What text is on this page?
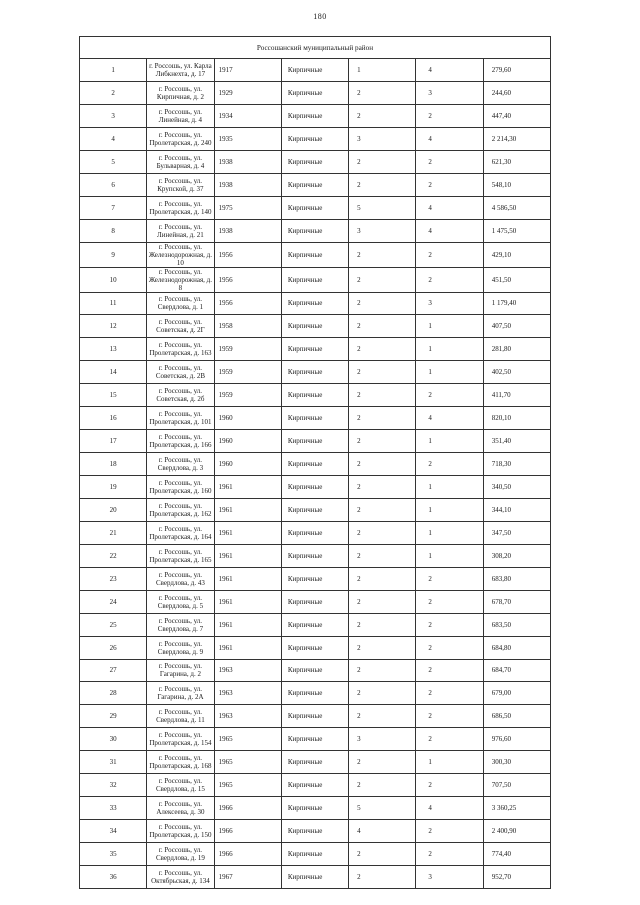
180
Россошанский муниципальный район						
1	г. Россошь, ул. Карла Либкнехта, д. 17	1917	Кирпичные	1	4	279,60
2	г. Россошь, ул. Кирпичная, д. 2	1929	Кирпичные	2	3	244,60
3	г. Россошь, ул. Линейная, д. 4	1934	Кирпичные	2	2	447,40
4	г. Россошь, ул. Пролетарская, д. 240	1935	Кирпичные	3	4	2 214,30
5	г. Россошь, ул. Бульварная, д. 4	1938	Кирпичные	2	2	621,30
6	г. Россошь, ул. Крупской, д. 37	1938	Кирпичные	2	2	548,10
7	г. Россошь, ул. Пролетарская, д. 140	1975	Кирпичные	5	4	4 586,50
8	г. Россошь, ул. Линейная, д. 21	1938	Кирпичные	3	4	1 475,50
9	г. Россошь, ул. Железнодорожная, д. 10	1956	Кирпичные	2	2	429,10
10	г. Россошь, ул. Железнодорожная, д. 8	1956	Кирпичные	2	2	451,50
11	г. Россошь, ул. Свердлова, д. 1	1956	Кирпичные	2	3	1 179,40
12	г. Россошь, ул. Советская, д. 2Г	1958	Кирпичные	2	1	407,50
13	г. Россошь, ул. Пролетарская, д. 163	1959	Кирпичные	2	1	281,80
14	г. Россошь, ул. Советская, д. 2В	1959	Кирпичные	2	1	402,50
15	г. Россошь, ул. Советская, д. 2б	1959	Кирпичные	2	2	411,70
16	г. Россошь, ул. Пролетарская, д. 101	1960	Кирпичные	2	4	820,10
17	г. Россошь, ул. Пролетарская, д. 166	1960	Кирпичные	2	1	351,40
18	г. Россошь, ул. Свердлова, д. 3	1960	Кирпичные	2	2	718,30
19	г. Россошь, ул. Пролетарская, д. 160	1961	Кирпичные	2	1	340,50
20	г. Россошь, ул. Пролетарская, д. 162	1961	Кирпичные	2	1	344,10
21	г. Россошь, ул. Пролетарская, д. 164	1961	Кирпичные	2	1	347,50
22	г. Россошь, ул. Пролетарская, д. 165	1961	Кирпичные	2	1	308,20
23	г. Россошь, ул. Свердлова, д. 43	1961	Кирпичные	2	2	683,80
24	г. Россошь, ул. Свердлова, д. 5	1961	Кирпичные	2	2	678,70
25	г. Россошь, ул. Свердлова, д. 7	1961	Кирпичные	2	2	683,50
26	г. Россошь, ул. Свердлова, д. 9	1961	Кирпичные	2	2	684,80
27	г. Россошь, ул. Гагарина, д. 2	1963	Кирпичные	2	2	684,70
28	г. Россошь, ул. Гагарина, д. 2А	1963	Кирпичные	2	2	679,00
29	г. Россошь, ул. Свердлова, д. 11	1963	Кирпичные	2	2	686,50
30	г. Россошь, ул. Пролетарская, д. 154	1965	Кирпичные	3	2	976,60
31	г. Россошь, ул. Пролетарская, д. 168	1965	Кирпичные	2	1	300,30
32	г. Россошь, ул. Свердлова, д. 15	1965	Кирпичные	2	2	707,50
33	г. Россошь, ул. Алексеева, д. 30	1966	Кирпичные	5	4	3 360,25
34	г. Россошь, ул. Пролетарская, д. 150	1966	Кирпичные	4	2	2 400,90
35	г. Россошь, ул. Свердлова, д. 19	1966	Кирпичные	2	2	774,40
36	г. Россошь, ул. Октябрьская, д. 134	1967	Кирпичные	2	3	952,70
